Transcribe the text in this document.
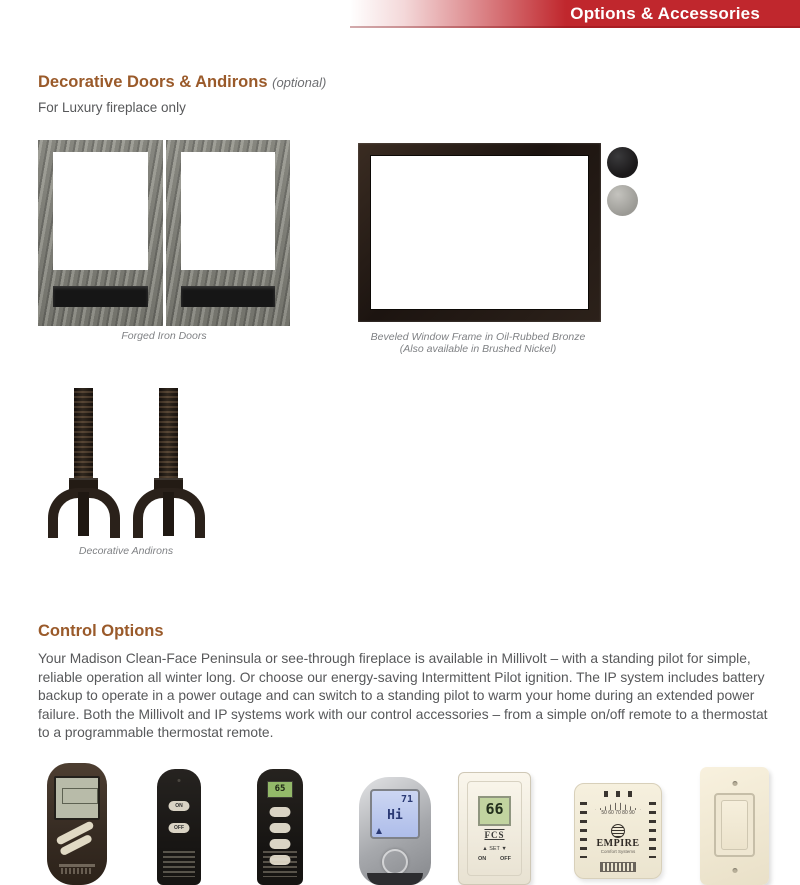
Options & Accessories
Decorative Doors & Andirons (optional)

For Luxury fireplace only

Forged Iron Doors	Beveled Window Frame in Oil-Rubbed Bronze
(Also available in Brushed Nickel)
Decorative Andirons
Control Options

Your Madison Clean-Face Peninsula or see-through fireplace is available in Millivolt – with a standing pilot for simple, reliable operation all winter long. Or choose our energy-saving Intermittent Pilot ignition. The IP system includes battery backup to operate in a power outage and can switch to a standing pilot to warm your home during an extended power failure. Both the Millivolt and IP systems work with our control accessories – from a simple on/off remote to a thermostat to a programmable thermostat remote.

ON
OFF
65
71
Hi	66
FCS
▲ SET ▼
ON	OFF
50 60 70 80 90
EMPIRE
Comfort Systems
